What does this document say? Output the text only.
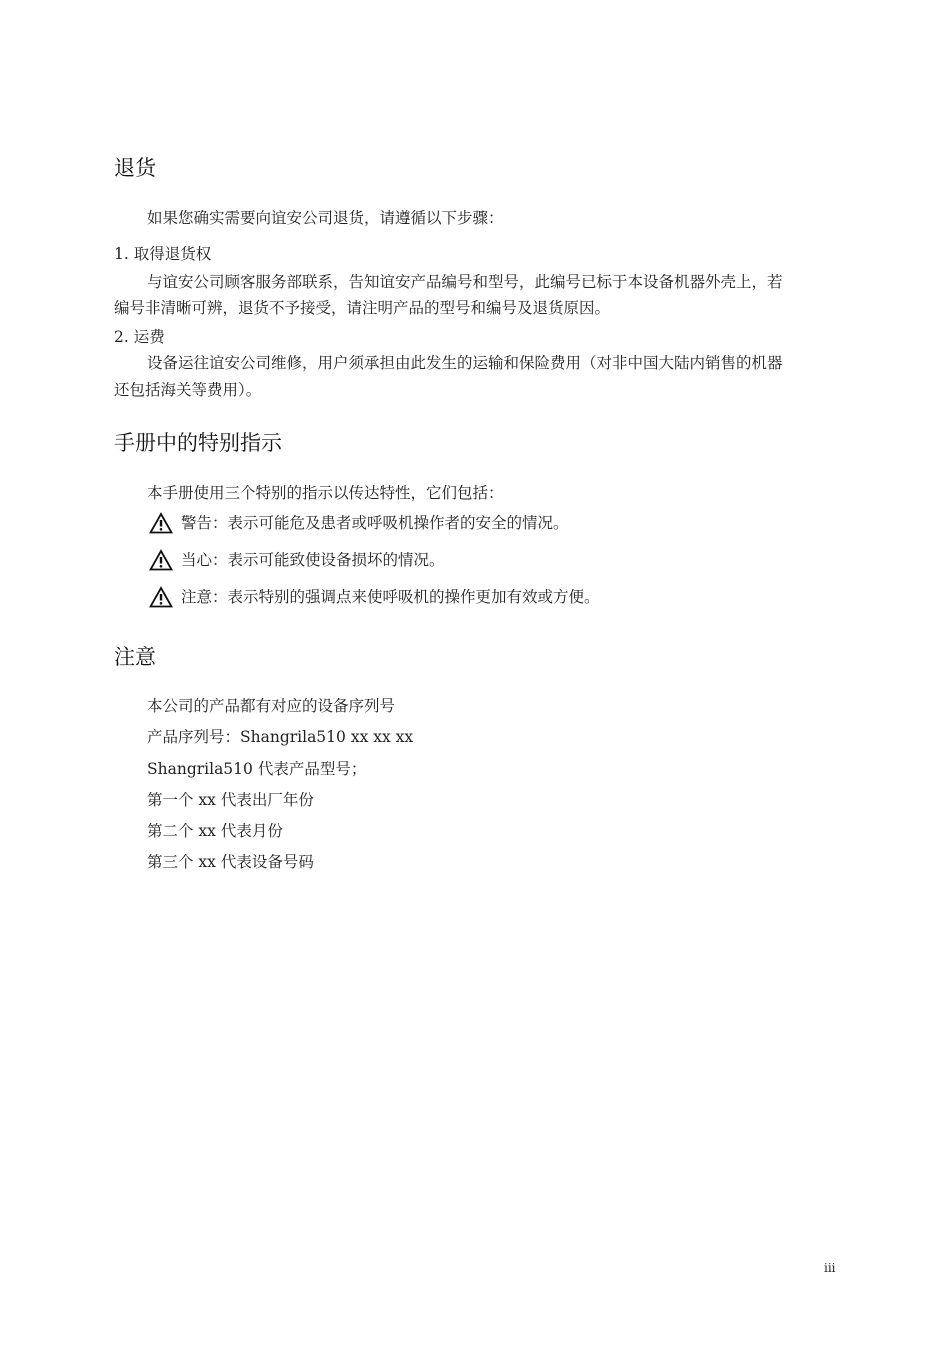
退货
如果您确实需要向谊安公司退货，请遵循以下步骤：
1. 取得退货权
与谊安公司顾客服务部联系，告知谊安产品编号和型号，此编号已标于本设备机器外壳上，若
编号非清晰可辨，退货不予接受，请注明产品的型号和编号及退货原因。
2. 运费
设备运往谊安公司维修，用户须承担由此发生的运输和保险费用（对非中国大陆内销售的机器
还包括海关等费用）。
手册中的特别指示
本手册使用三个特别的指示以传达特性，它们包括：
警告：表示可能危及患者或呼吸机操作者的安全的情况。
当心：表示可能致使设备损坏的情况。
注意：表示特别的强调点来使呼吸机的操作更加有效或方便。
注意
本公司的产品都有对应的设备序列号
产品序列号：Shangrila510 xx xx xx
Shangrila510 代表产品型号；
第一个 xx 代表出厂年份
第二个 xx 代表月份
第三个 xx 代表设备号码
iii
